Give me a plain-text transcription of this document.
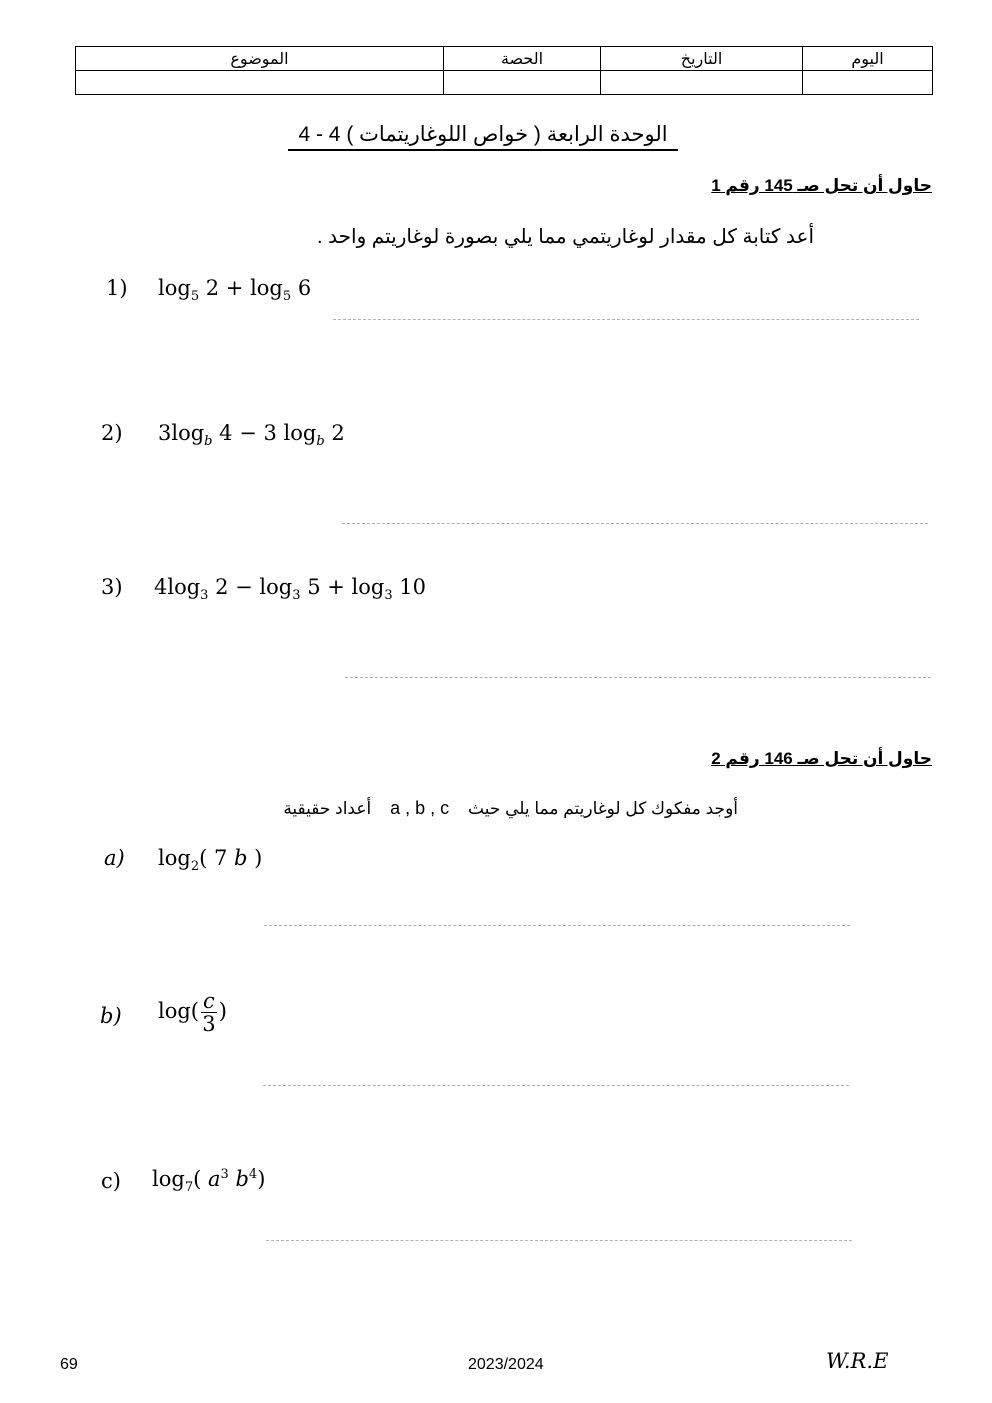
الموضوع	الحصة	التاريخ	اليوم

الوحدة الرابعة ( خواص اللوغاريتمات ) 4 - 4
حاول أن تحل صـ 145 رقم 1
أعد كتابة كل مقدار لوغاريتمي مما يلي بصورة لوغاريتم واحد .
1) $\log_5 2 + \log_5 6$
2) $3\log_b$ 4 − 3 $\log_b 2$
3) $4\log_3$ $2 - \log_3 5 + \log_3 10$
حاول أن تحل صـ 146 رقم 2
أوجد مفكوك كل لوغاريتم مما يلي حيث    a , b , c    أعداد حقيقية
a) $\log_2$( 7 b )
b) $\log( \frac{c}{3}$ )
c) $\log_7$( $a^3$ $b^4$)
69	2023/2024	W.R.E
